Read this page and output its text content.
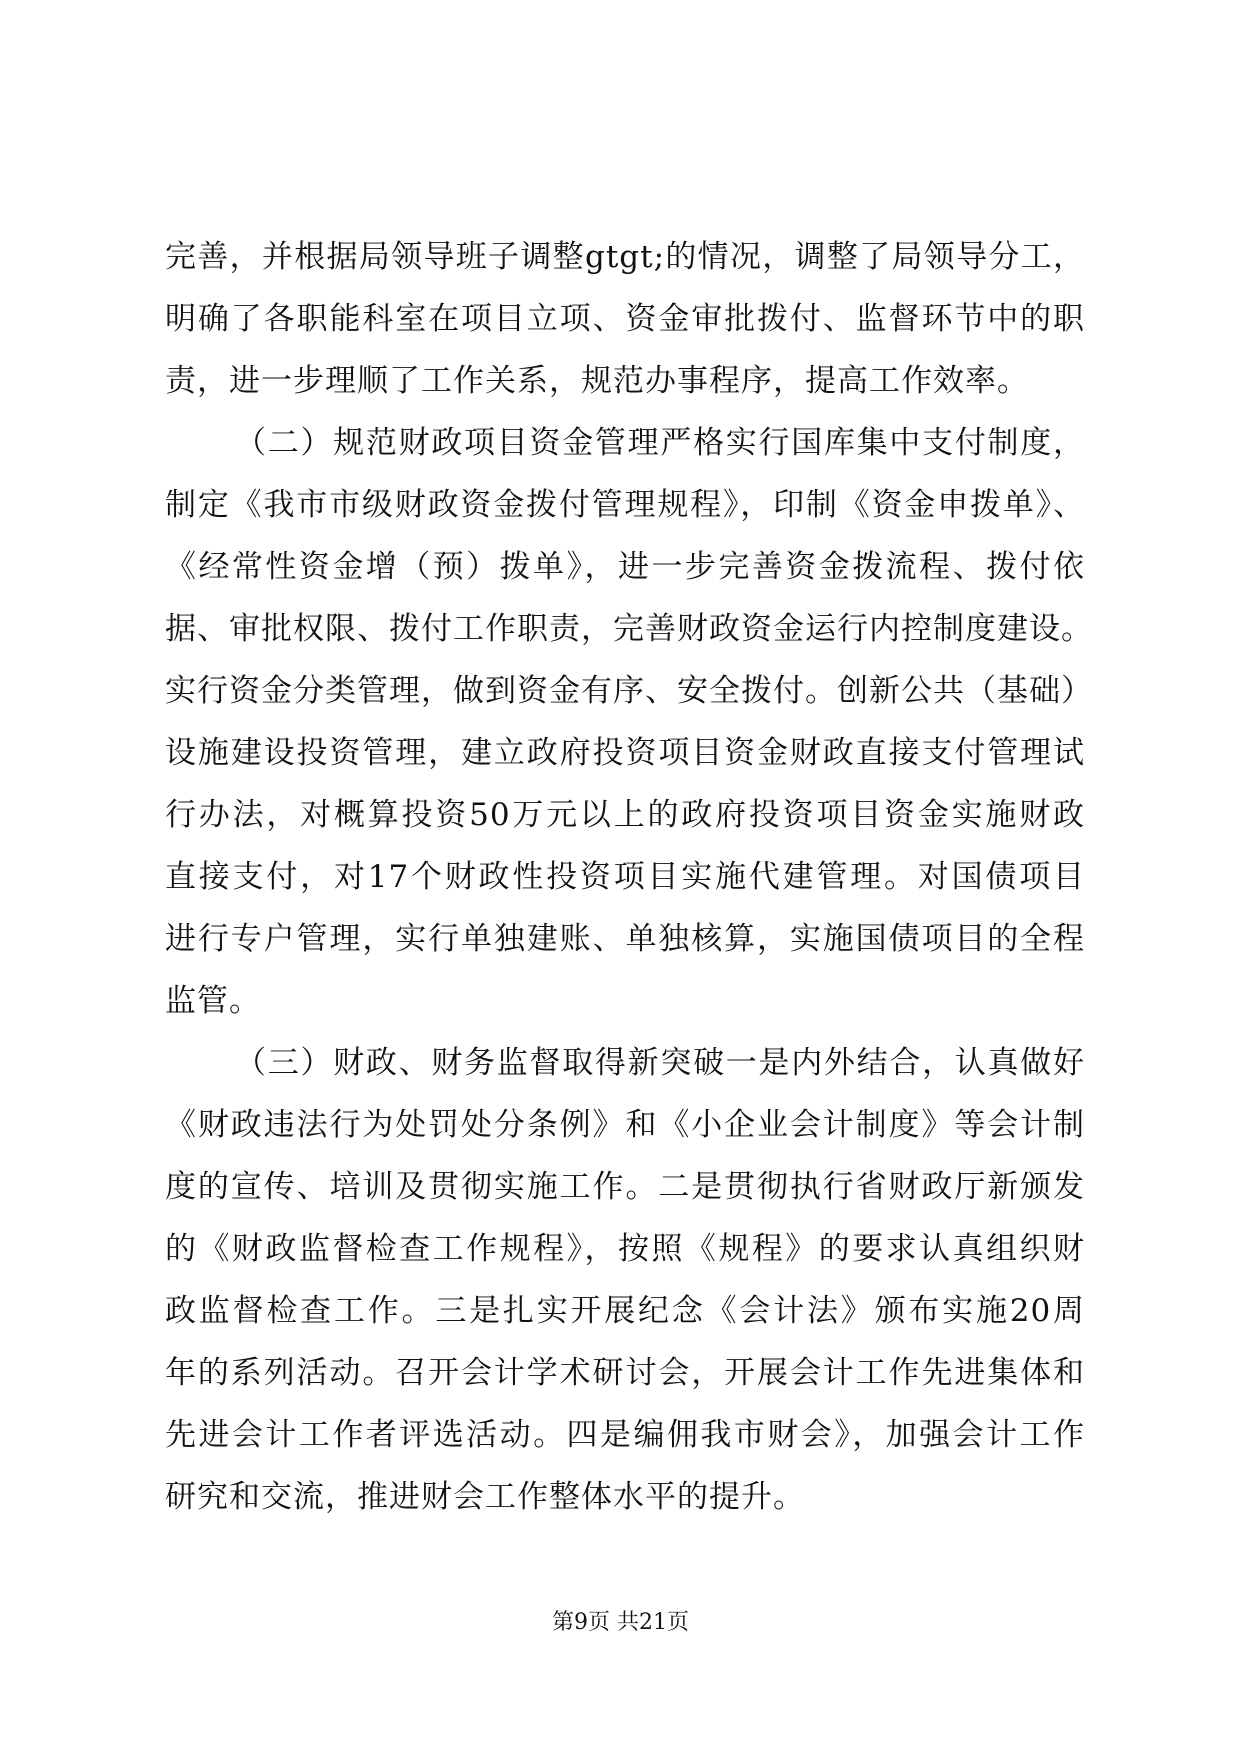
完善，并根据局领导班子调整gtgt;的情况，调整了局领导分工，
明确了各职能科室在项目立项、资金审批拨付、监督环节中的职
责，进一步理顺了工作关系，规范办事程序，提高工作效率。
（二）规范财政项目资金管理严格实行国库集中支付制度，
制定《我市市级财政资金拨付管理规程》，印制《资金申拨单》、
《经常性资金增（预）拨单》，进一步完善资金拨流程、拨付依
据、审批权限、拨付工作职责，完善财政资金运行内控制度建设。
实行资金分类管理，做到资金有序、安全拨付。创新公共（基础）
设施建设投资管理，建立政府投资项目资金财政直接支付管理试
行办法，对概算投资50万元以上的政府投资项目资金实施财政
直接支付，对17个财政性投资项目实施代建管理。对国债项目
进行专户管理，实行单独建账、单独核算，实施国债项目的全程
监管。
（三）财政、财务监督取得新突破一是内外结合，认真做好
《财政违法行为处罚处分条例》和《小企业会计制度》等会计制
度的宣传、培训及贯彻实施工作。二是贯彻执行省财政厅新颁发
的《财政监督检查工作规程》，按照《规程》的要求认真组织财
政监督检查工作。三是扎实开展纪念《会计法》颁布实施20周
年的系列活动。召开会计学术研讨会，开展会计工作先进集体和
先进会计工作者评选活动。四是编佣我市财会》，加强会计工作
研究和交流，推进财会工作整体水平的提升。
第9页 共21页
